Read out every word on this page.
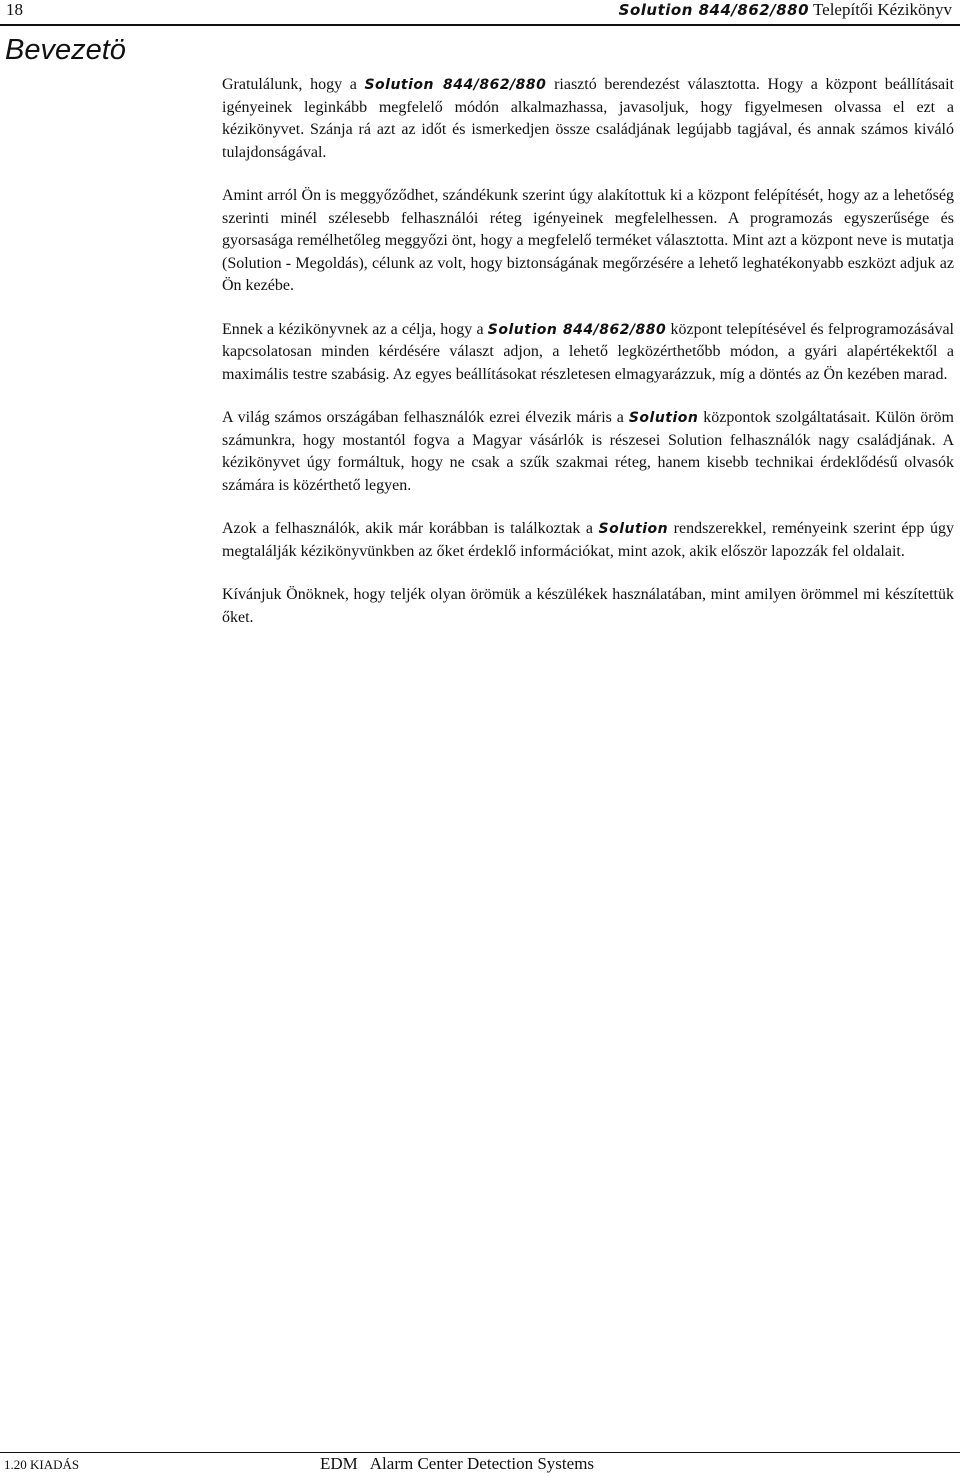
18	Solution 844/862/880 Telepítői Kézikönyv
Bevezetö

Gratulálunk, hogy a Solution 844/862/880 riasztó berendezést választotta. Hogy a központ beállításait igényeinek leginkább megfelelő módón alkalmazhassa, javasoljuk, hogy figyelmesen olvassa el ezt a kézikönyvet. Szánja rá azt az időt és ismerkedjen össze családjának legújabb tagjával, és annak számos kiváló tulajdonságával.

Amint arról Ön is meggyőződhet, szándékunk szerint úgy alakítottuk ki a központ felépítését, hogy az a lehetőség szerinti minél szélesebb felhasználói réteg igényeinek megfelelhessen. A programozás egyszerűsége és gyorsasága remélhetőleg meggyőzi önt, hogy a megfelelő terméket választotta. Mint azt a központ neve is mutatja (Solution - Megoldás), célunk az volt, hogy biztonságának megőrzésére a lehető leghatékonyabb eszközt adjuk az Ön kezébe.

Ennek a kézikönyvnek az a célja, hogy a Solution 844/862/880 központ telepítésével és felprogramozásával kapcsolatosan minden kérdésére választ adjon, a lehető legközérthetőbb módon, a gyári alapértékektől a maximális testre szabásig. Az egyes beállításokat részletesen elmagyarázzuk, míg a döntés az Ön kezében marad.

A világ számos országában felhasználók ezrei élvezik máris a Solution központok szolgáltatásait. Külön öröm számunkra, hogy mostantól fogva a Magyar vásárlók is részesei Solution felhasználók nagy családjának. A kézikönyvet úgy formáltuk, hogy ne csak a szűk szakmai réteg, hanem kisebb technikai érdeklődésű olvasók számára is közérthető legyen.

Azok a felhasználók, akik már korábban is találkoztak a Solution rendszerekkel, reményeink szerint épp úgy megtalálják kézikönyvünkben az őket érdeklő információkat, mint azok, akik először lapozzák fel oldalait.

Kívánjuk Önöknek, hogy teljék olyan örömük a készülékek használatában, mint amilyen örömmel mi készítettük őket.

1.20 KIADÁS	EDM Alarm Center Detection Systems
